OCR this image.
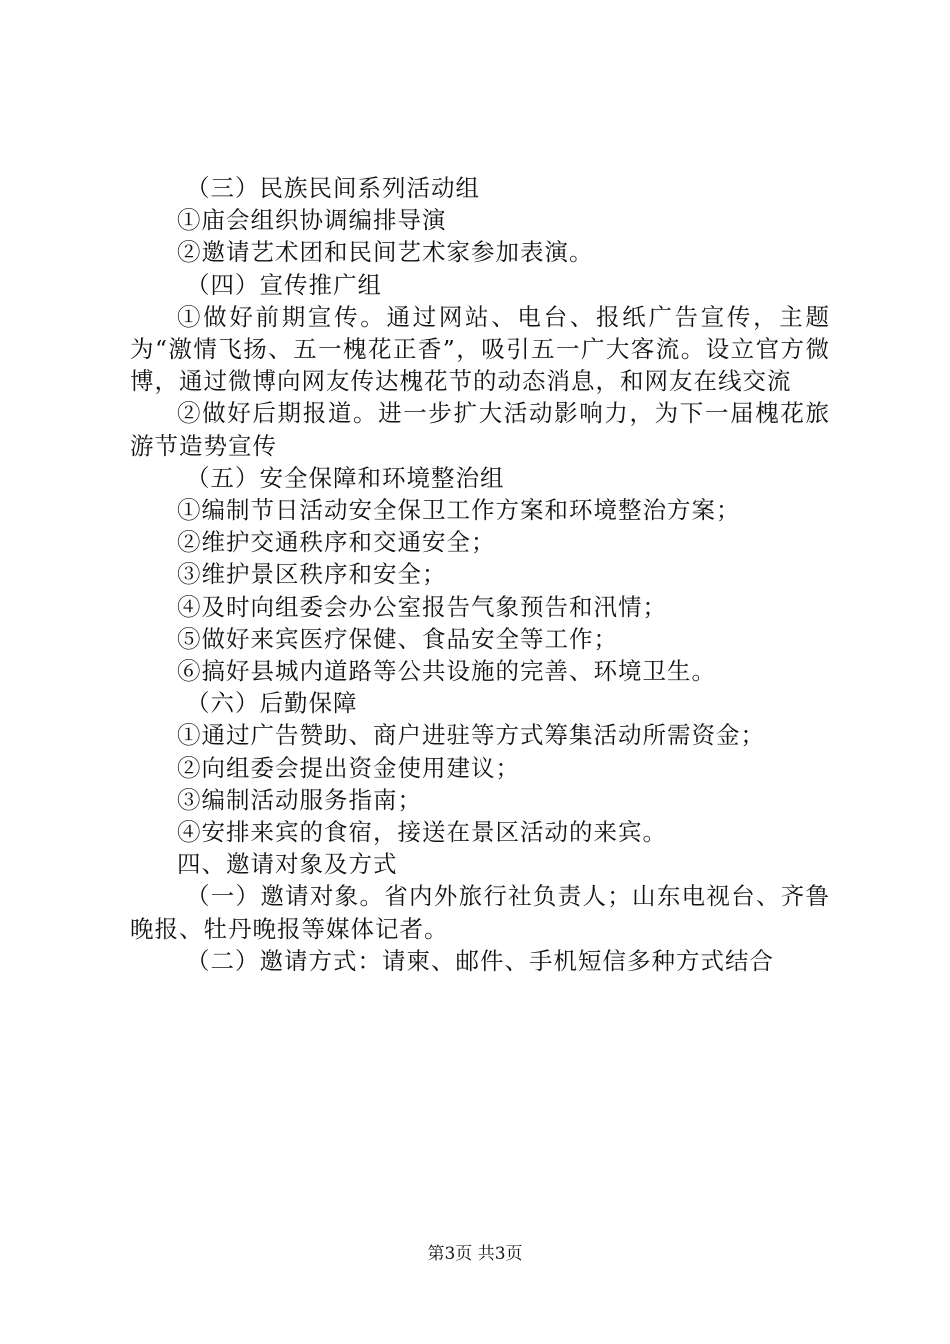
（三）民族民间系列活动组

①庙会组织协调编排导演

②邀请艺术团和民间艺术家参加表演。

（四）宣传推广组

①做好前期宣传。通过网站、电台、报纸广告宣传，主题为“激情飞扬、五一槐花正香”，吸引五一广大客流。设立官方微博，通过微博向网友传达槐花节的动态消息，和网友在线交流

②做好后期报道。进一步扩大活动影响力，为下一届槐花旅游节造势宣传

（五）安全保障和环境整治组

①编制节日活动安全保卫工作方案和环境整治方案；

②维护交通秩序和交通安全；

③维护景区秩序和安全；

④及时向组委会办公室报告气象预告和汛情；

⑤做好来宾医疗保健、食品安全等工作；

⑥搞好县城内道路等公共设施的完善、环境卫生。

（六）后勤保障

①通过广告赞助、商户进驻等方式筹集活动所需资金；

②向组委会提出资金使用建议；

③编制活动服务指南；

④安排来宾的食宿，接送在景区活动的来宾。

四、邀请对象及方式

（一）邀请对象。省内外旅行社负责人；山东电视台、齐鲁晚报、牡丹晚报等媒体记者。

（二）邀请方式：请柬、邮件、手机短信多种方式结合

第3页 共3页
